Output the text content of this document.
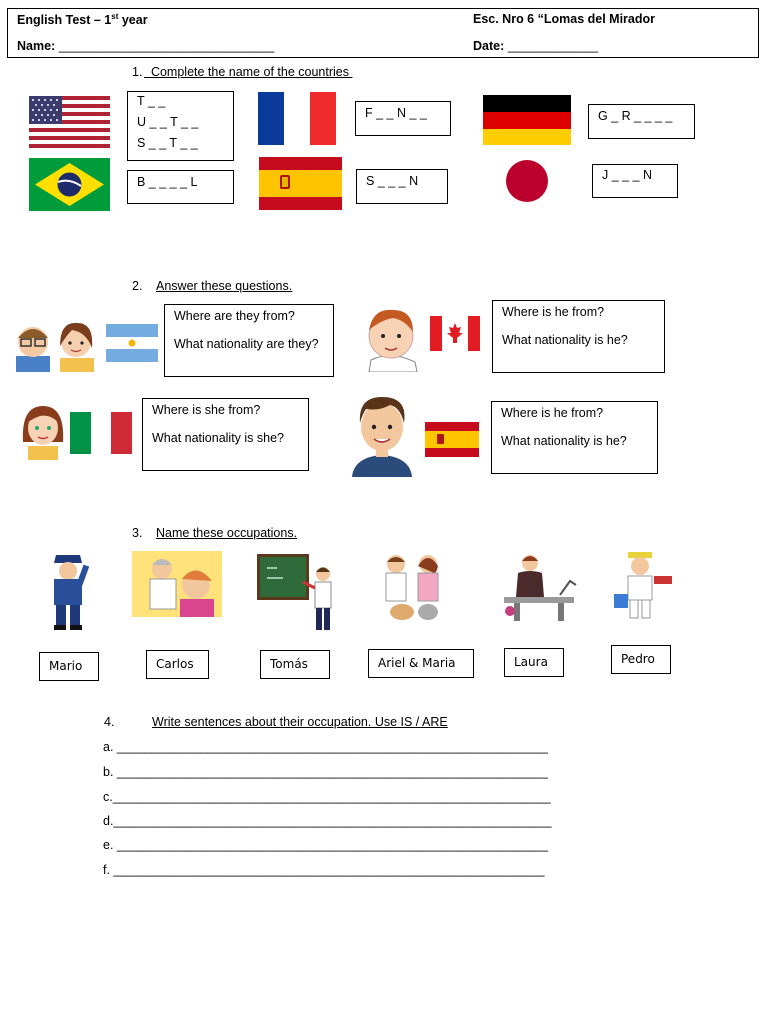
English Test – 1st year	Esc. Nro 6 “Lomas del Mirador
Name: _______________________________	Date: _____________
1. Complete the name of the countries
T _ _
U _ _ T _ _
S _ _ T _ _
F _ _ N _ _	G _ R _ _ _ _
B _ _ _ _ L	S _ _ _ N	J _ _ _ N
2. Answer these questions.
Where are they from?
What nationality are they?
Where is he from?
What nationality is he?
Where is she from?
What nationality is she?
Where is he from?
What nationality is he?
3. Name these occupations.
Mario	Carlos	Tomás	Ariel & Maria	Laura	Pedro
4.	Write sentences about their occupation. Use IS / ARE
a. ______________________________________________________________
b. ______________________________________________________________
c._______________________________________________________________
d._______________________________________________________________
e. ______________________________________________________________
f. ______________________________________________________________
